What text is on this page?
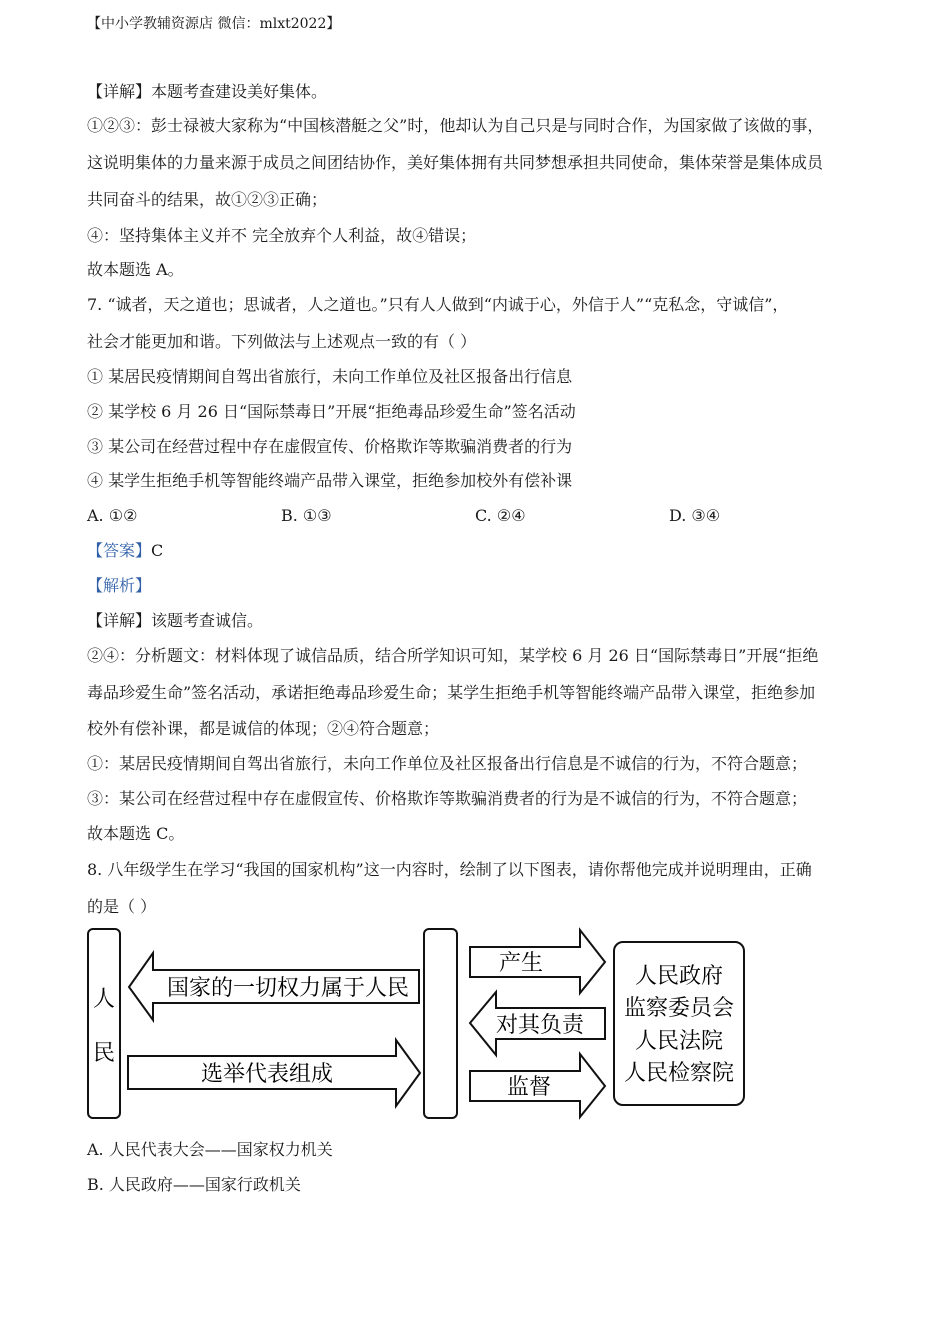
【中小学教辅资源店 微信：mlxt2022】
【详解】本题考查建设美好集体。
①②③：彭士禄被大家称为“中国核潜艇之父”时，他却认为自己只是与同时合作，为国家做了该做的事，
这说明集体的力量来源于成员之间团结协作，美好集体拥有共同梦想承担共同使命，集体荣誉是集体成员
共同奋斗的结果，故①②③正确；
④：坚持集体主义并不 完全放弃个人利益，故④错误；
故本题选 A。
7. “诚者，天之道也；思诚者，人之道也。”只有人人做到“内诚于心，外信于人”“克私念，守诚信”，
社会才能更加和谐。下列做法与上述观点一致的有（ ）
① 某居民疫情期间自驾出省旅行，未向工作单位及社区报备出行信息
② 某学校 6 月 26 日“国际禁毒日”开展“拒绝毒品珍爱生命”签名活动
③ 某公司在经营过程中存在虚假宣传、价格欺诈等欺骗消费者的行为
④ 某学生拒绝手机等智能终端产品带入课堂，拒绝参加校外有偿补课
A. ①②	B. ①③	C. ②④	D. ③④
【答案】C
【解析】
【详解】该题考查诚信。
②④：分析题文：材料体现了诚信品质，结合所学知识可知，某学校 6 月 26 日“国际禁毒日”开展“拒绝
毒品珍爱生命”签名活动，承诺拒绝毒品珍爱生命；某学生拒绝手机等智能终端产品带入课堂，拒绝参加
校外有偿补课，都是诚信的体现；②④符合题意；
①：某居民疫情期间自驾出省旅行，未向工作单位及社区报备出行信息是不诚信的行为，不符合题意；
③：某公司在经营过程中存在虚假宣传、价格欺诈等欺骗消费者的行为是不诚信的行为，不符合题意；
故本题选 C。
8. 八年级学生在学习“我国的国家机构”这一内容时，绘制了以下图表，请你帮他完成并说明理由，正确
的是（ ）
人
民
国家的一切权力属于人民
选举代表组成
产生
对其负责
监督
人民政府
监察委员会
人民法院
人民检察院
A. 人民代表大会——国家权力机关
B. 人民政府——国家行政机关
